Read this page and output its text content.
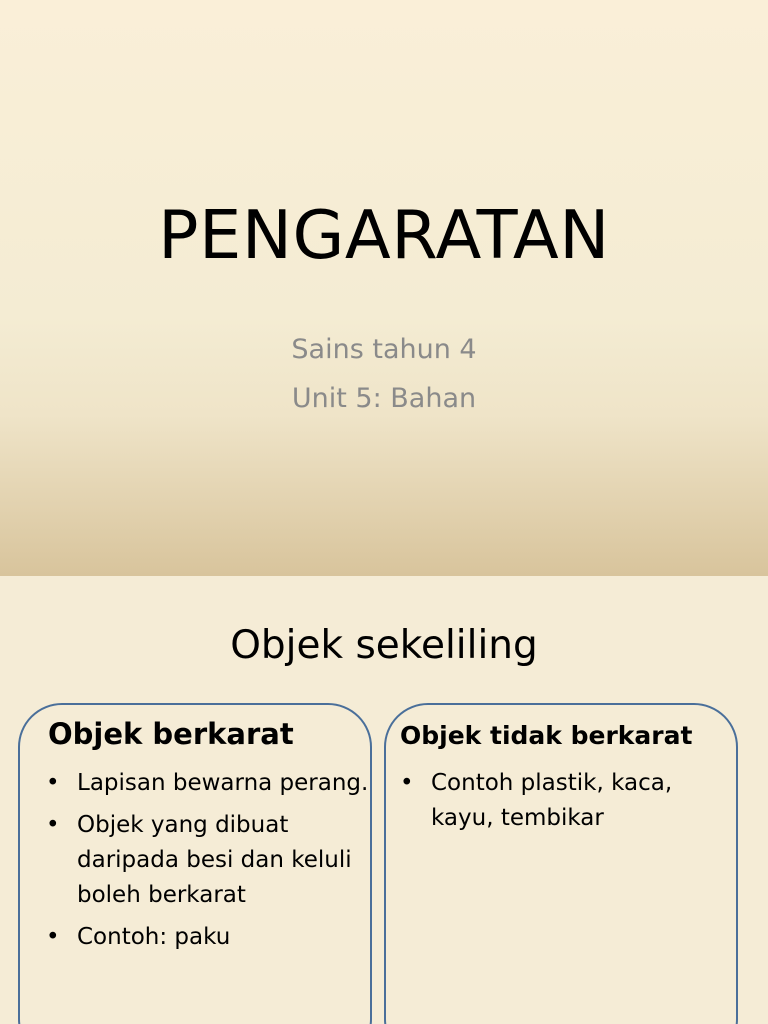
PENGARATAN
Sains tahun 4
Unit 5: Bahan
Objek sekeliling
Objek berkarat
• Lapisan bewarna perang.
• Objek yang dibuat daripada besi dan keluli boleh berkarat
• Contoh: paku
Objek tidak berkarat
• Contoh plastik, kaca, kayu, tembikar
